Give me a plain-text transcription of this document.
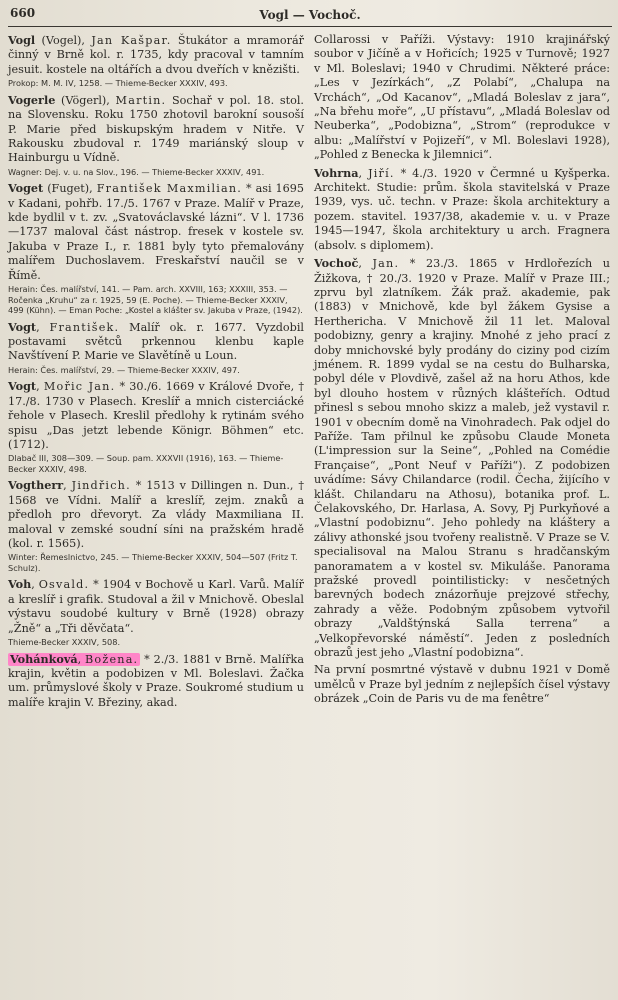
660	Vogl — Vochoč.

Vogl (Vogel), Jan Kašpar. Štukátor a mramorář činný v Brně kol. r. 1735, kdy pracoval v tamním jesuit. kostele na oltářích a dvou dveřích v knězišti.

Prokop: M. M. IV, 1258. — Thieme-Becker XXXIV, 493.

Vogerle (Vögerl), Martin. Sochař v pol. 18. stol. na Slovensku. Roku 1750 zhotovil barokní sousoší P. Marie před biskupským hradem v Nitře. V Rakousku zbudoval r. 1749 mariánský sloup v Hainburgu u Vídně.

Wagner: Dej. v. u. na Slov., 196. — Thieme-Becker XXXIV, 491.

Voget (Fuget), František Maxmilian. * asi 1695 v Kadani, pohřb. 17./5. 1767 v Praze. Malíř v Praze, kde bydlil v t. zv. „Svatováclavské lázni“. V l. 1736—1737 maloval část nástrop. fresek v kostele sv. Jakuba v Praze I., r. 1881 byly tyto přemalovány malířem Duchoslavem. Freskařství naučil se v Římě.

Herain: Čes. malířství, 141. — Pam. arch. XXVIII, 163; XXXIII, 353. — Ročenka „Kruhu“ za r. 1925, 59 (E. Poche). — Thieme-Becker XXXIV, 499 (Kühn). — Eman Poche: „Kostel a klášter sv. Jakuba v Praze, (1942).

Vogt, František. Malíř ok. r. 1677. Vyzdobil postavami světců prkennou klenbu kaple Navštívení P. Marie ve Slavětíně u Loun.

Herain: Čes. malířství, 29. — Thieme-Becker XXXIV, 497.

Vogt, Mořic Jan. * 30./6. 1669 v Králové Dvoře, † 17./8. 1730 v Plasech. Kreslíř a mnich cisterciácké řehole v Plasech. Kreslil předlohy k rytinám svého spisu „Das jetzt lebende Königr. Böhmen“ etc. (1712).

Dlabač III, 308—309. — Soup. pam. XXXVII (1916), 163. — Thieme-Becker XXXIV, 498.

Vogtherr, Jindřich. * 1513 v Dillingen n. Dun., † 1568 ve Vídni. Malíř a kreslíř, zejm. znaků a předloh pro dřevoryt. Za vlády Maxmiliana II. maloval v zemské soudní síni na pražském hradě (kol. r. 1565).

Winter: Řemeslnictvo, 245. — Thieme-Becker XXXIV, 504—507 (Fritz T. Schulz).

Voh, Osvald. * 1904 v Bochově u Karl. Varů. Malíř a kreslíř i grafik. Studoval a žil v Mnichově. Obeslal výstavu soudobé kultury v Brně (1928) obrazy „Žně“ a „Tři děvčata“.

Thieme-Becker XXXIV, 508.

Vohánková, Božena. * 2./3. 1881 v Brně. Malířka krajin, květin a podobizen v Ml. Boleslavi. Žačka um. průmyslové školy v Praze. Soukromé studium u malíře krajin V. Březiny, akad.

Collarossi v Paříži. Výstavy: 1910 krajinářský soubor v Jičíně a v Hořicích; 1925 v Turnově; 1927 v Ml. Boleslavi; 1940 v Chrudimi. Některé práce: „Les v Jezírkách“, „Z Polabí“, „Chalupa na Vrchách“, „Od Kacanov“, „Mladá Boleslav z jara“, „Na břehu moře“, „U přístavu“, „Mladá Boleslav od Neuberka“, „Podobizna“, „Strom“ (reprodukce v albu: „Malířství v Pojizeří“, v Ml. Boleslavi 1928), „Pohled z Benecka k Jilemnici“.

Vohrna, Jiří. * 4./3. 1920 v Čermné u Kyšperka. Architekt. Studie: prům. škola stavitelská v Praze 1939, vys. uč. techn. v Praze: škola architektury a pozem. stavitel. 1937/38, akademie v. u. v Praze 1945—1947, škola architektury u arch. Fragnera (absolv. s diplomem).

Vochoč, Jan. * 23./3. 1865 v Hrdlořezích u Žižkova, † 20./3. 1920 v Praze. Malíř v Praze III.; zprvu byl zlatníkem. Žák praž. akademie, pak (1883) v Mnichově, kde byl žákem Gysise a Herthericha. V Mnichově žil 11 let. Maloval podobizny, genry a krajiny. Mnohé z jeho prací z doby mnichovské byly prodány do ciziny pod cizím jménem. R. 1899 vydal se na cestu do Bulharska, pobyl déle v Plovdivě, zašel až na horu Athos, kde byl dlouho hostem v různých klášteřích. Odtud přinesl s sebou mnoho skizz a maleb, jež vystavil r. 1901 v obecním domě na Vinohradech. Pak odjel do Paříže. Tam přilnul ke způsobu Claude Moneta (L'impression sur la Seine“, „Pohled na Comédie Française“, „Pont Neuf v Paříži“). Z podobizen uvádíme: Sávy Chilandarce (rodil. Čecha, žijícího v klášt. Chilandaru na Athosu), botanika prof. L. Čelakovského, Dr. Harlasa, A. Sovy, Pj Purkyňové a „Vlastní podobiznu“. Jeho pohledy na kláštery a zálivy athonské jsou tvořeny realistně. V Praze se V. specialisoval na Malou Stranu s hradčanským panoramatem a v kostel sv. Mikuláše. Panorama pražské provedl pointilisticky: v nesčetných barevných bodech znázorňuje prejzové střechy, zahrady a věže. Podobným způsobem vytvořil obrazy „Valdštýnská Salla terrena“ a „Velkopřevorské náměstí“. Jeden z posledních obrazů jest jeho „Vlastní podobizna“.

Na první posmrtné výstavě v dubnu 1921 v Domě umělců v Praze byl jedním z nejlepších čísel výstavy obrázek „Coin de Paris vu de ma fenêtre“
